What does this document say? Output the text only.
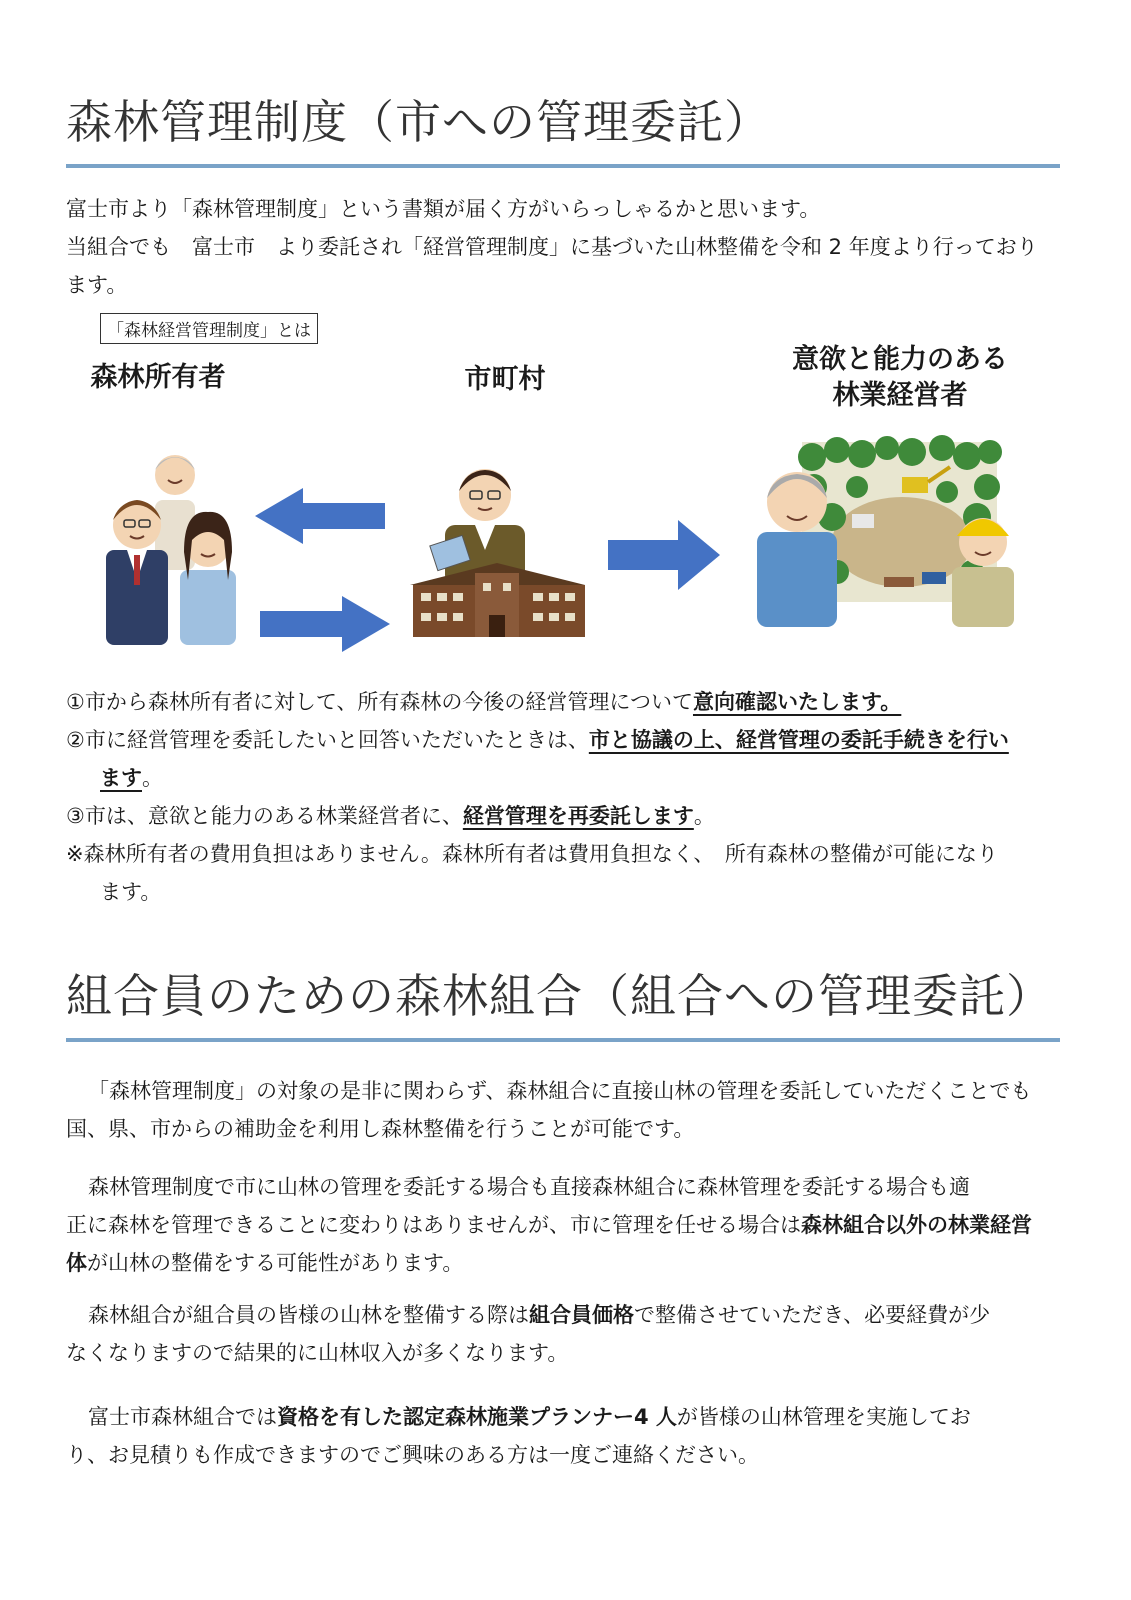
森林管理制度（市への管理委託）
富士市より「森林管理制度」という書類が届く方がいらっしゃるかと思います。
当組合でも　富士市　より委託され「経営管理制度」に基づいた山林整備を令和 2 年度より行っており
ます。
「森林経営管理制度」とは
森林所有者	市町村
意欲と能力のある
林業経営者
①市から森林所有者に対して、所有森林の今後の経営管理について意向確認いたします。
②市に経営管理を委託したいと回答いただいたときは、市と協議の上、経営管理の委託手続きを行い
ます。
③市は、意欲と能力のある林業経営者に、経営管理を再委託します。
※森林所有者の費用負担はありません。森林所有者は費用負担なく、　所有森林の整備が可能になり
ます。
組合員のための森林組合（組合への管理委託）
「森林管理制度」の対象の是非に関わらず、森林組合に直接山林の管理を委託していただくことでも
国、県、市からの補助金を利用し森林整備を行うことが可能です。
森林管理制度で市に山林の管理を委託する場合も直接森林組合に森林管理を委託する場合も適
正に森林を管理できることに変わりはありませんが、市に管理を任せる場合は森林組合以外の林業経営
体が山林の整備をする可能性があります。
森林組合が組合員の皆様の山林を整備する際は組合員価格で整備させていただき、必要経費が少
なくなりますので結果的に山林収入が多くなります。
富士市森林組合では資格を有した認定森林施業プランナー4 人が皆様の山林管理を実施してお
り、お見積りも作成できますのでご興味のある方は一度ご連絡ください。
